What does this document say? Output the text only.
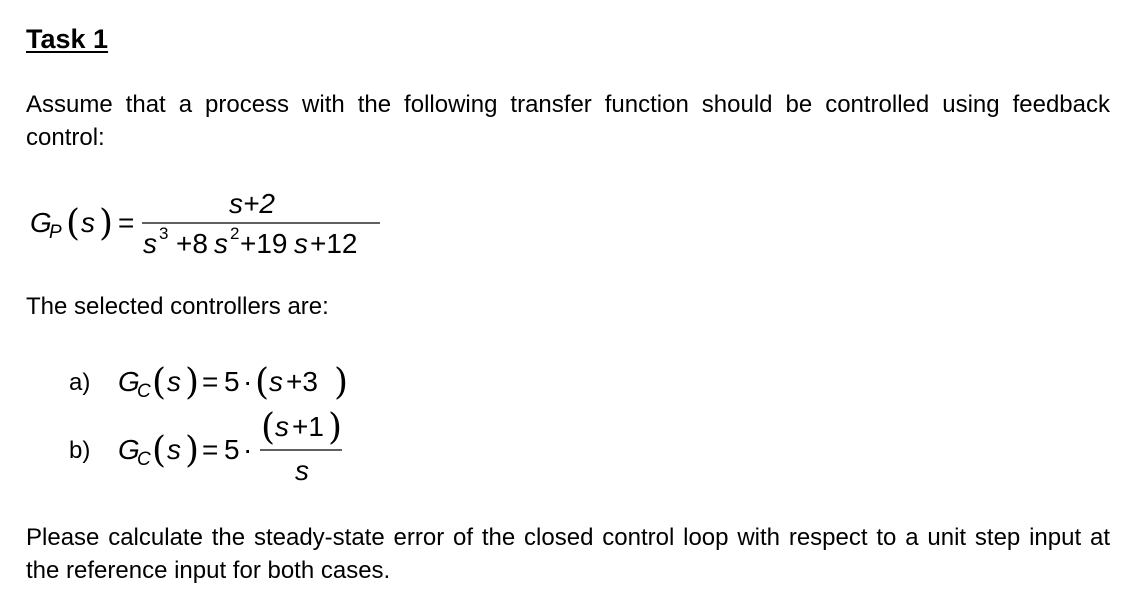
Task 1
Assume that a process with the following transfer function should be controlled using feedback control:
G
P ( s ) =
s+2
s 3 +8 s 2 +19 s +12
The selected controllers are:
a) G
C ( s ) = 5 · ( s +3 )
b) G
C ( s ) = 5 ·
( s +1 )
s
Please calculate the steady-state error of the closed control loop with respect to a unit step input at the reference input for both cases.
